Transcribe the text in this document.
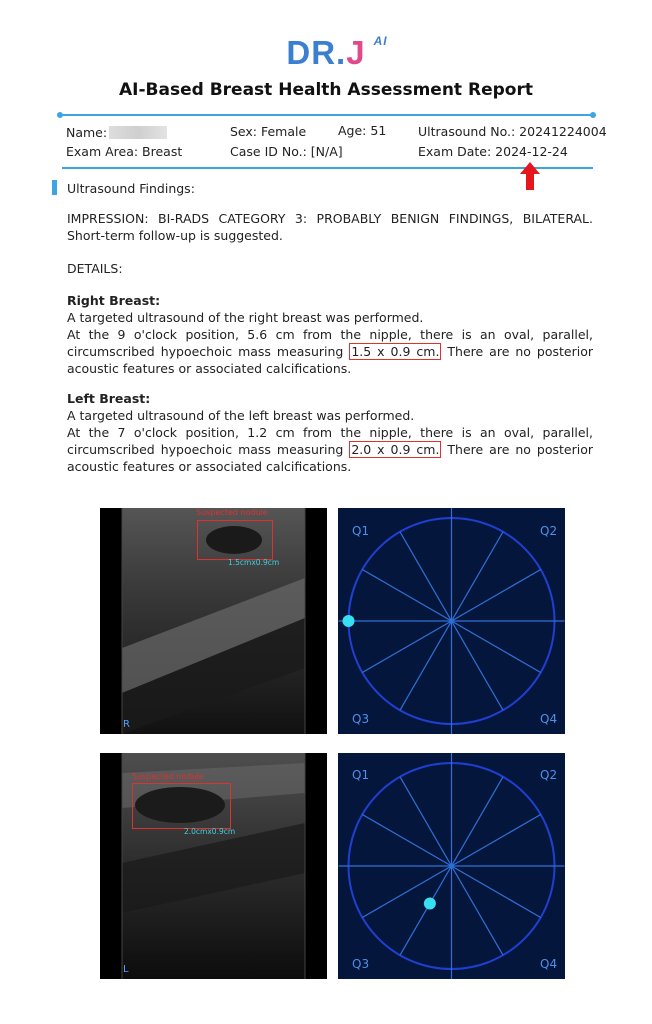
DR.J AI
AI-Based Breast Health Assessment Report
Name:	Sex: Female	Age: 51	Ultrasound No.: 20241224004
Exam Area: Breast	Case ID No.: [N/A]	Exam Date: 2024-12-24
Ultrasound Findings:
IMPRESSION: BI-RADS CATEGORY 3: PROBABLY BENIGN FINDINGS, BILATERAL. Short-term follow-up is suggested.
DETAILS:
Right Breast:
A targeted ultrasound of the right breast was performed.
At the 9 o'clock position, 5.6 cm from the nipple, there is an oval, parallel, circumscribed hypoechoic mass measuring 1.5 x 0.9 cm. There are no posterior acoustic features or associated calcifications.
Left Breast:
A targeted ultrasound of the left breast was performed.
At the 7 o'clock position, 1.2 cm from the nipple, there is an oval, parallel, circumscribed hypoechoic mass measuring 2.0 x 0.9 cm. There are no posterior acoustic features or associated calcifications.
Suspected nodule
1.5cmx0.9cm
R
Q1	Q2
Q3	Q4
Suspected nodule
2.0cmx0.9cm
L
Q1	Q2
Q3	Q4
